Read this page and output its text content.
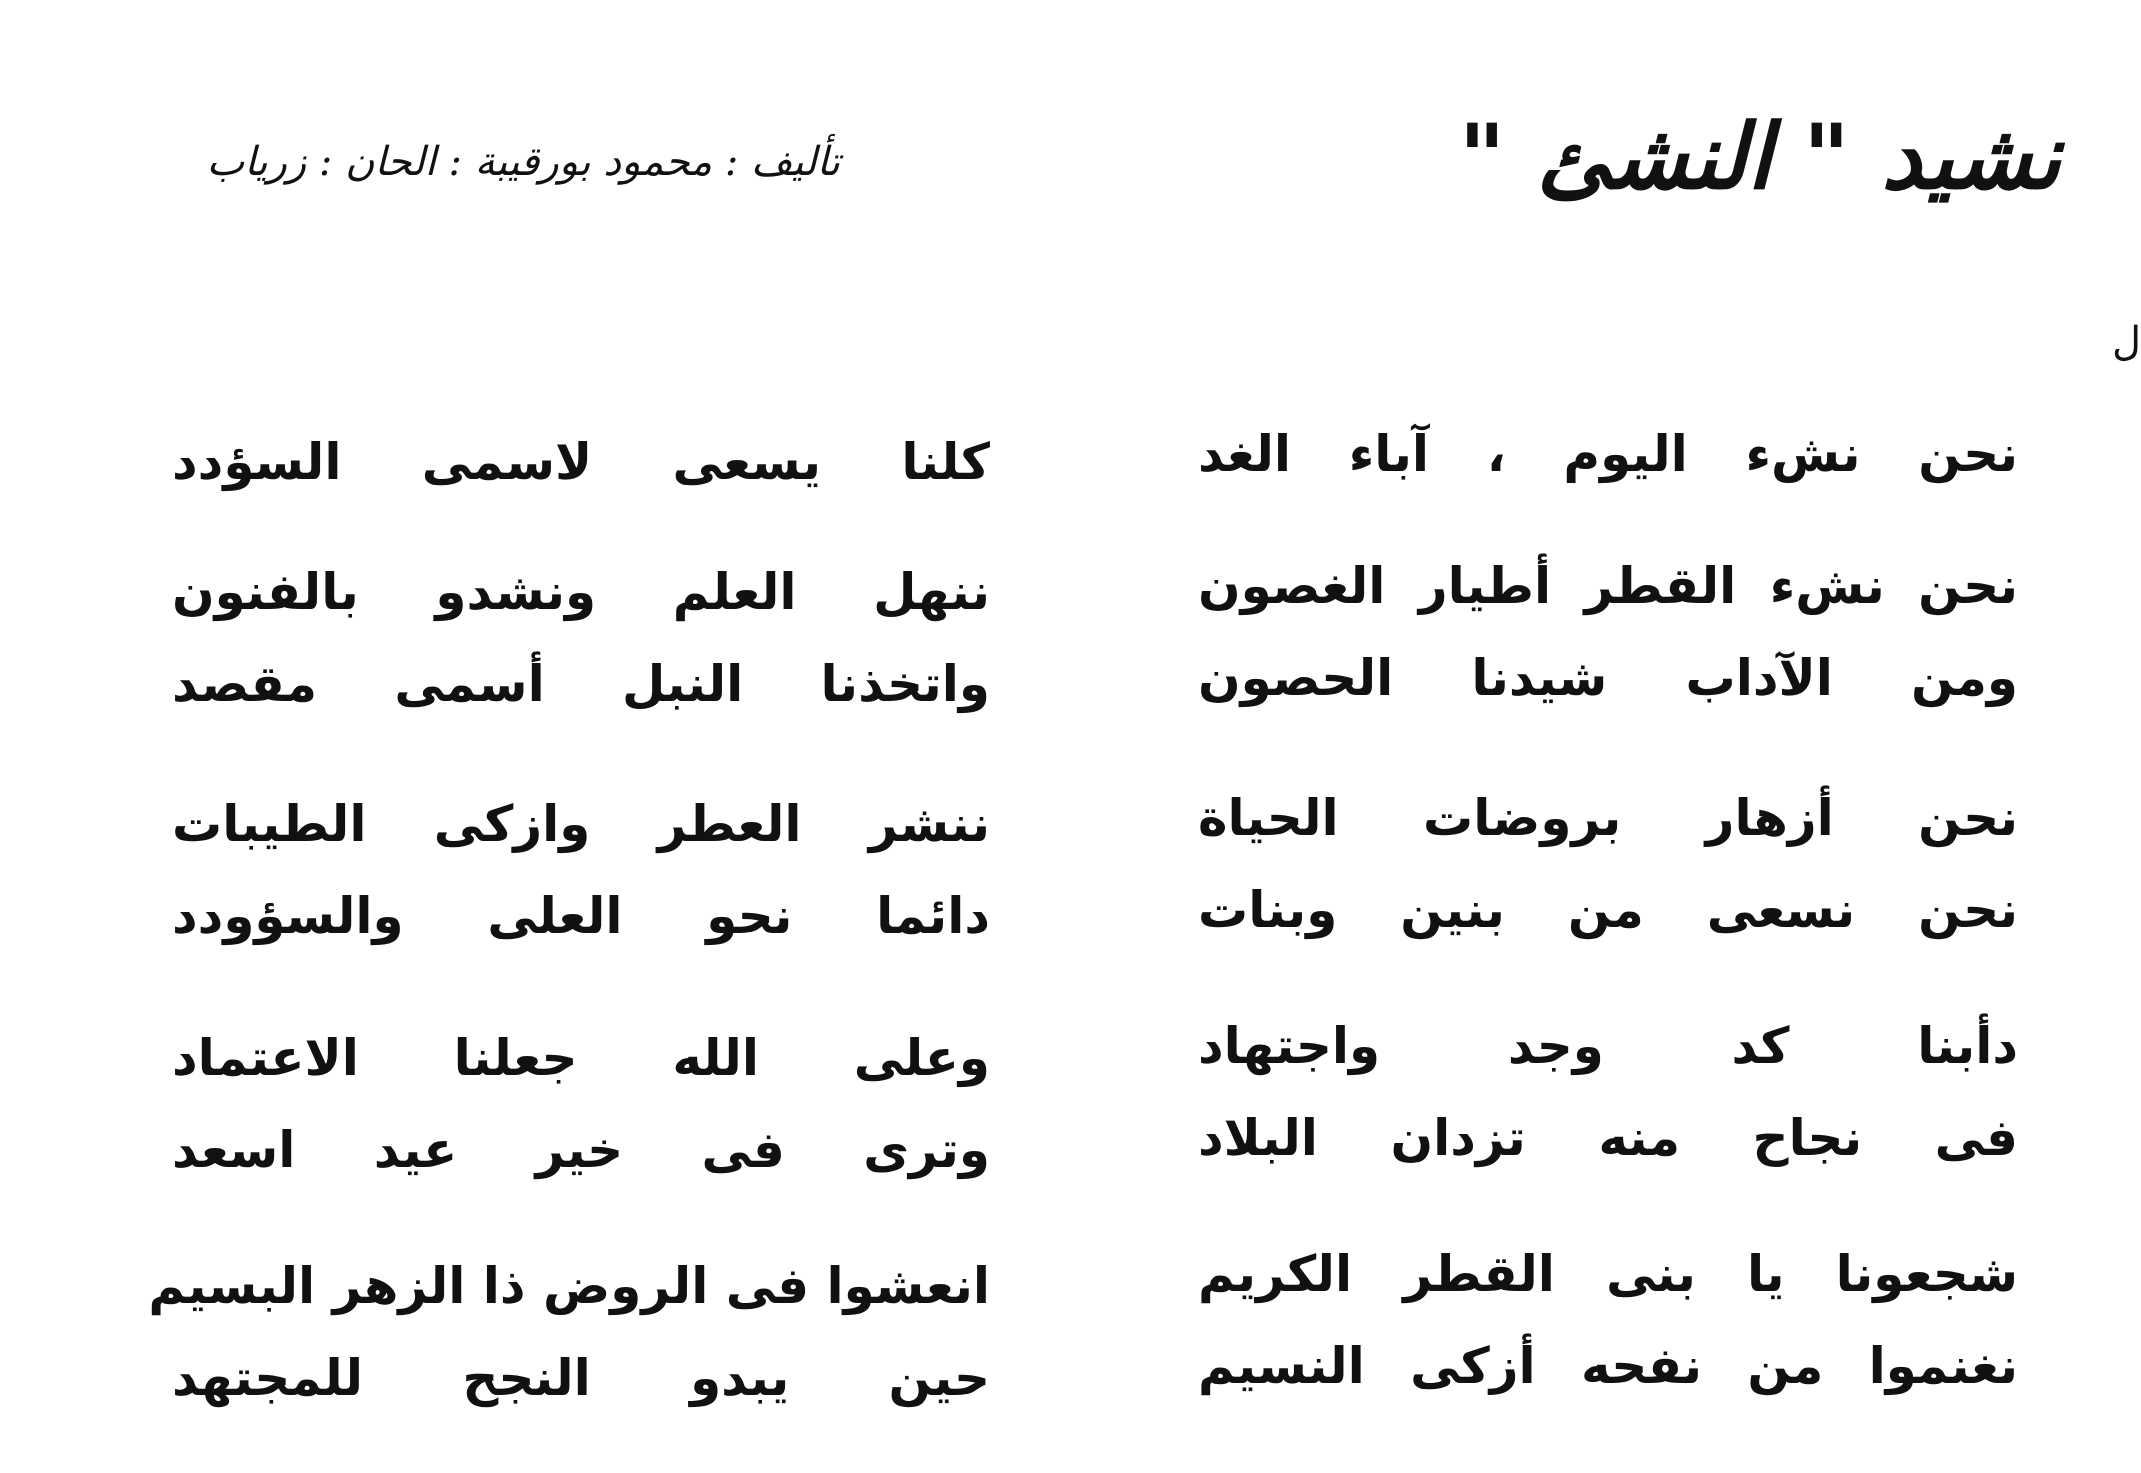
نشيد " النشئ "
تأليف : محمود بورقيبة : الحان : زرياب
ل
نحن نشء اليوم ، آباء الغد
كلنا يسعى لاسمى السؤدد
نحن نشء القطر أطيار الغصون
ومن الآداب شيدنا الحصون
ننهل العلم ونشدو بالفنون
واتخذنا النبل أسمى مقصد
نحن أزهار بروضات الحياة
نحن نسعى من بنين وبنات
ننشر العطر وازكى الطيبات
دائما نحو العلى والسؤودد
دأبنا كد وجد واجتهاد
فى نجاح منه تزدان البلاد
وعلى الله جعلنا الاعتماد
وترى فى خير عيد اسعد
شجعونا يا بنى القطر الكريم
نغنموا من نفحه أزكى النسيم
انعشوا فى الروض ذا الزهر البسيم
حين يبدو النجح للمجتهد
